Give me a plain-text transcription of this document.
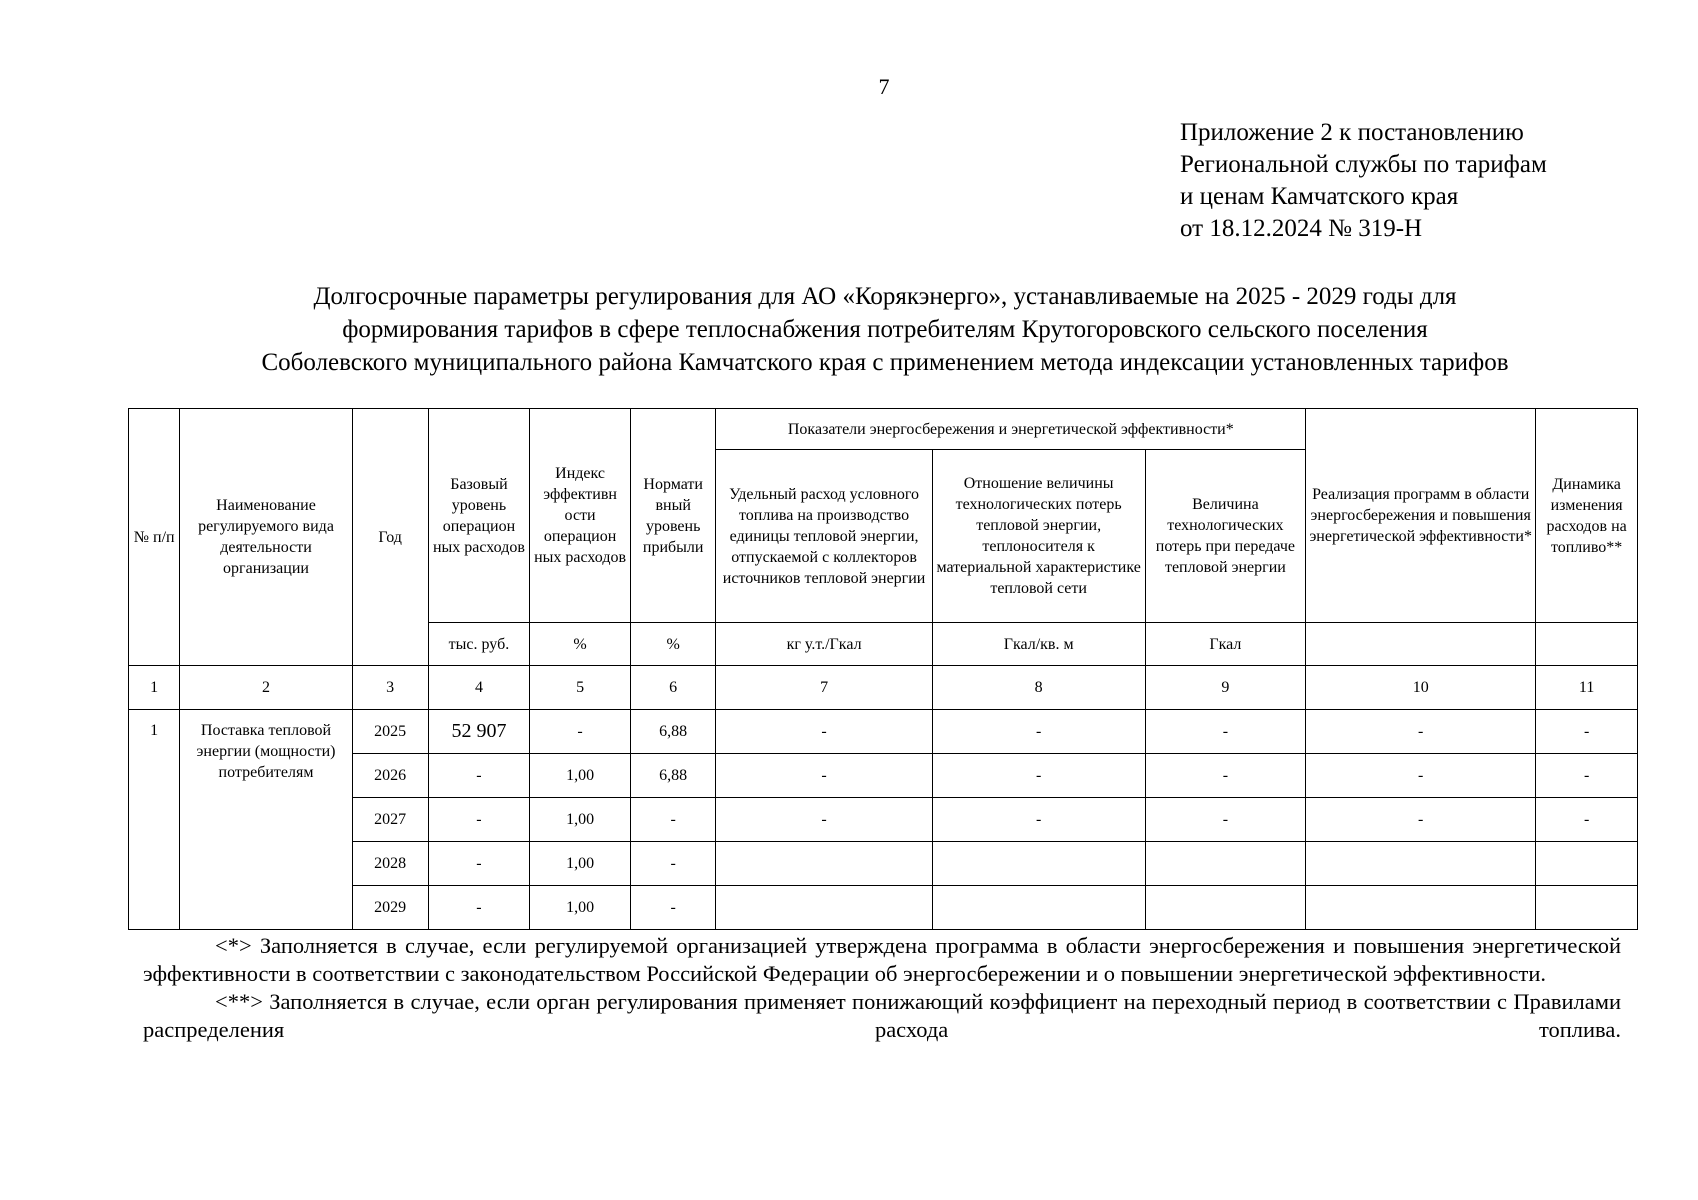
7
Приложение 2 к постановлению
Региональной службы по тарифам
и ценам Камчатского края
от 18.12.2024 № 319-Н
Долгосрочные параметры регулирования для АО «Корякэнерго», устанавливаемые на 2025 - 2029 годы для
формирования тарифов в сфере теплоснабжения потребителям Крутогоровского сельского поселения
Соболевского муниципального района Камчатского края с применением метода индексации установленных тарифов
№ п/п	Наименование регулируемого вида деятельности организации	Год	Базовый уровень операцион ных расходов	Индекс эффективн ости операцион ных расходов	Нормати вный уровень прибыли	Показатели энергосбережения и энергетической эффективности*			Реализация программ в области энергосбережения и повышения энергетической эффективности*	Динамика изменения расходов на топливо**
						Удельный расход условного топлива на производство единицы тепловой энергии, отпускаемой с коллекторов источников тепловой энергии	Отношение величины технологических потерь тепловой энергии, теплоносителя к материальной характеристике тепловой сети	Величина технологических потерь при передаче тепловой энергии		
			тыс. руб.	%	%	кг у.т./Гкал	Гкал/кв. м	Гкал		
1	2	3	4	5	6	7	8	9	10	11
1	Поставка тепловой энергии (мощности) потребителям	2025	52 907	-	6,88	-	-	-	-	-
		2026	-	1,00	6,88	-	-	-	-	-
		2027	-	1,00	-	-	-	-	-	-
		2028	-	1,00	-					
		2029	-	1,00	-					

<*> Заполняется в случае, если регулируемой организацией утверждена программа в области энергосбережения и повышения энергетической эффективности в соответствии с законодательством Российской Федерации об энергосбережении и о повышении энергетической эффективности.

<**> Заполняется в случае, если орган регулирования применяет понижающий коэффициент на переходный период в соответствии с Правилами распределения расхода топлива.
